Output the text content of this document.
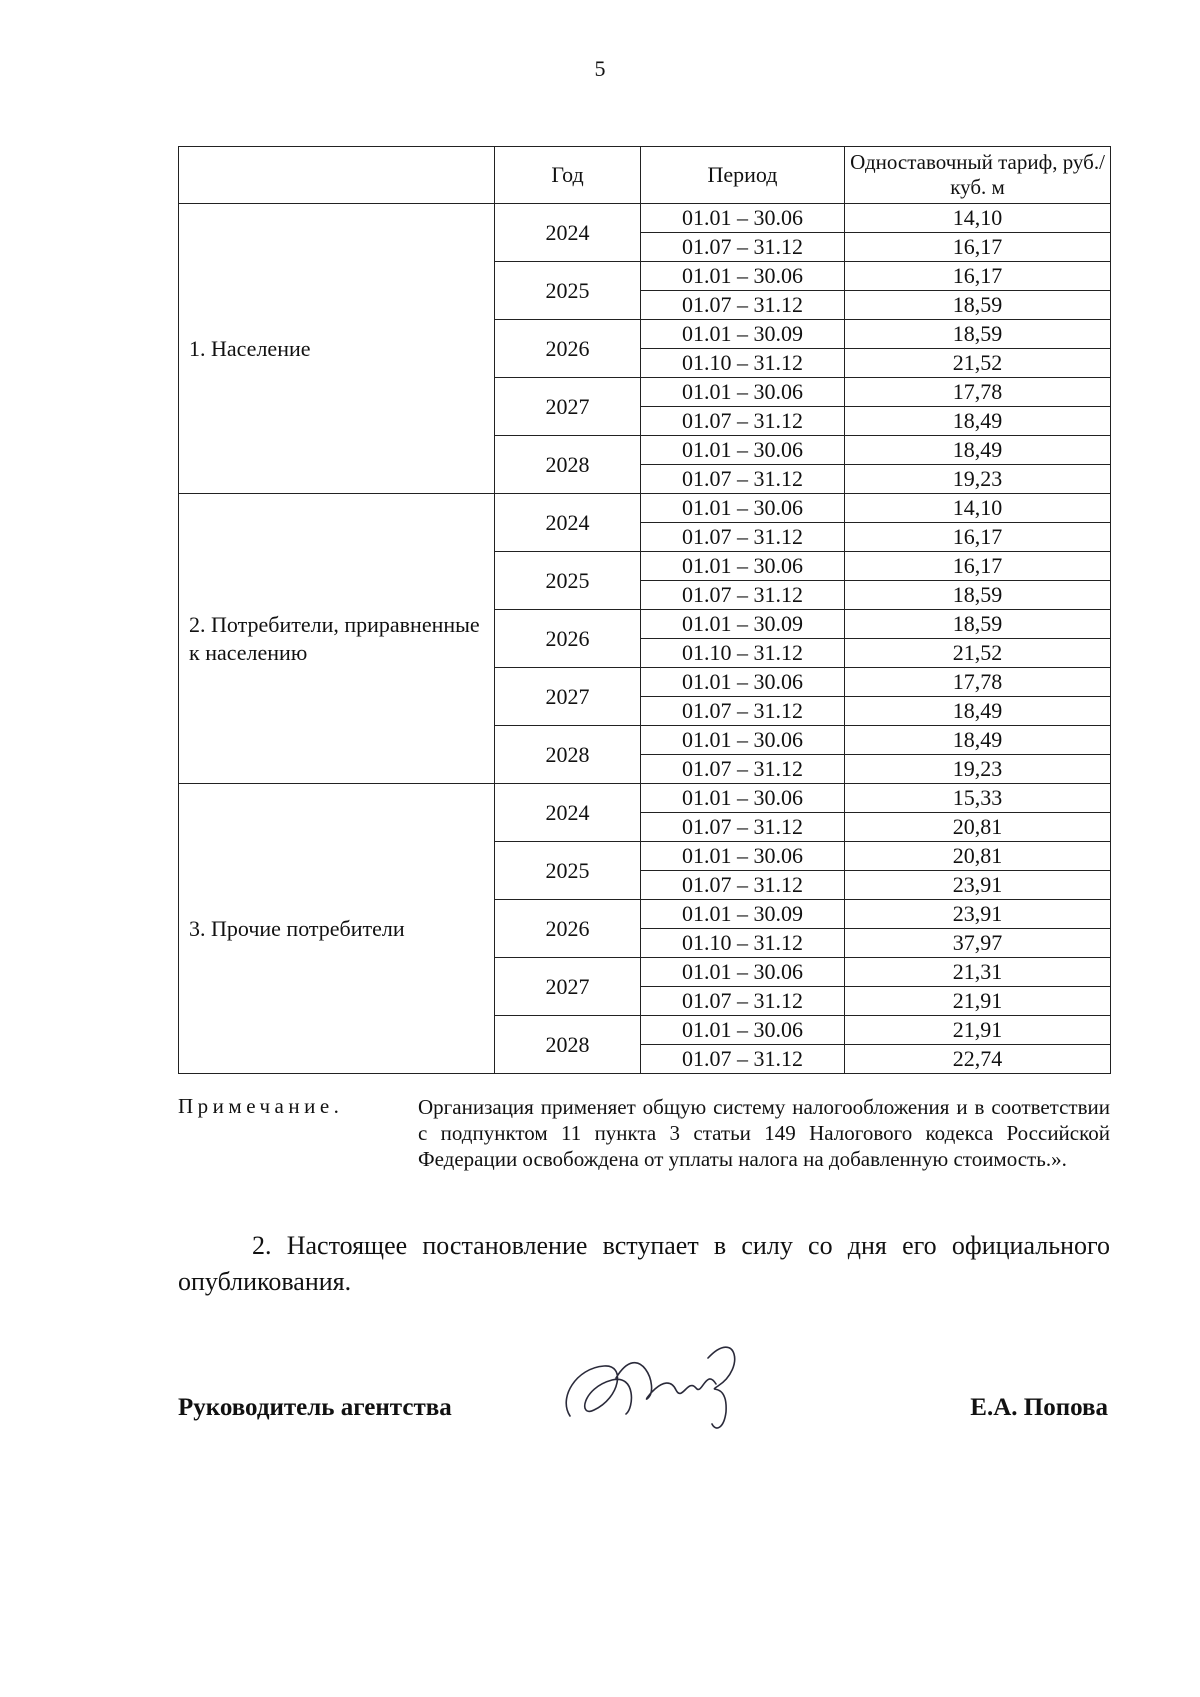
5
	Год	Период	Одноставочный тариф, руб./куб. м
1. Население	2024	01.01 – 30.06	14,10
		01.07 – 31.12	16,17
	2025	01.01 – 30.06	16,17
		01.07 – 31.12	18,59
	2026	01.01 – 30.09	18,59
		01.10 – 31.12	21,52
	2027	01.01 – 30.06	17,78
		01.07 – 31.12	18,49
	2028	01.01 – 30.06	18,49
		01.07 – 31.12	19,23
2. Потребители, приравненные к населению	2024	01.01 – 30.06	14,10
		01.07 – 31.12	16,17
	2025	01.01 – 30.06	16,17
		01.07 – 31.12	18,59
	2026	01.01 – 30.09	18,59
		01.10 – 31.12	21,52
	2027	01.01 – 30.06	17,78
		01.07 – 31.12	18,49
	2028	01.01 – 30.06	18,49
		01.07 – 31.12	19,23
3. Прочие потребители	2024	01.01 – 30.06	15,33
		01.07 – 31.12	20,81
	2025	01.01 – 30.06	20,81
		01.07 – 31.12	23,91
	2026	01.01 – 30.09	23,91
		01.10 – 31.12	37,97
	2027	01.01 – 30.06	21,31
		01.07 – 31.12	21,91
	2028	01.01 – 30.06	21,91
		01.07 – 31.12	22,74
Примечание.	Организация применяет общую систему налогообложения и в соответствии с подпунктом 11 пункта 3 статьи 149 Налогового кодекса Российской Федерации освобождена от уплаты налога на добавленную стоимость.».
2. Настоящее постановление вступает в силу со дня его официального опубликования.
Руководитель агентства	Е.А. Попова
